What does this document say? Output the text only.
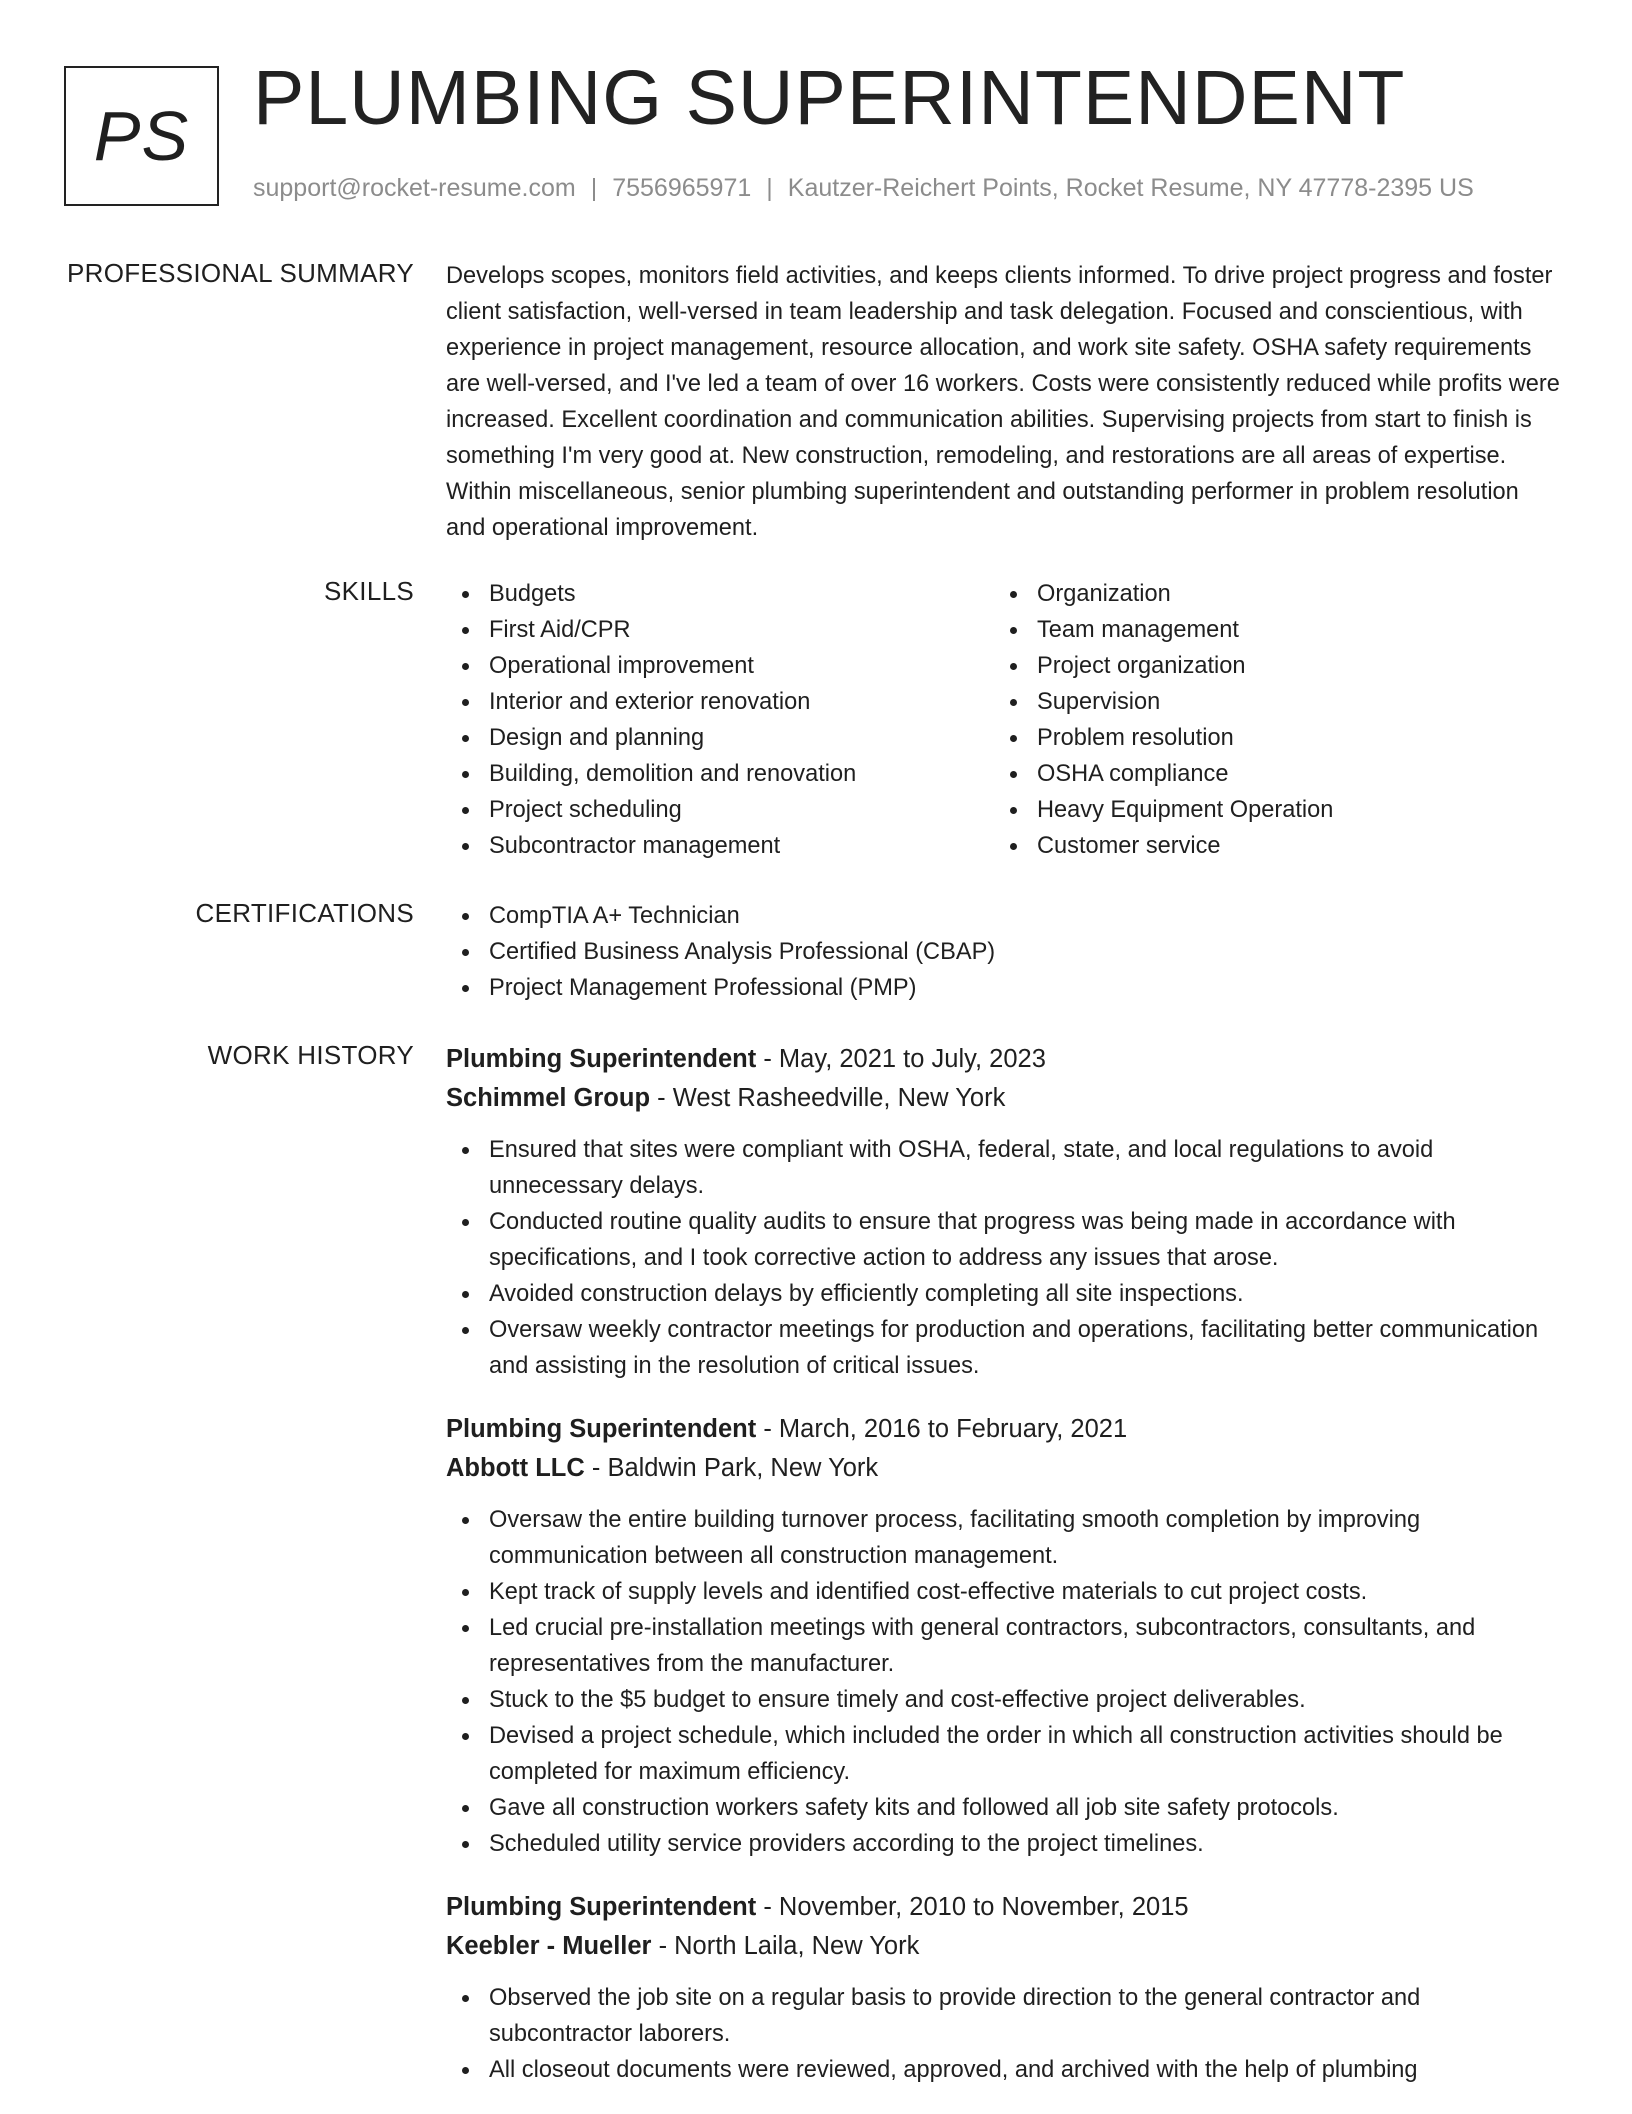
PS PLUMBING SUPERINTENDENT
support@rocket-resume.com | 7556965971 | Kautzer-Reichert Points, Rocket Resume, NY 47778-2395 US
PROFESSIONAL SUMMARY Develops scopes, monitors field activities, and keeps clients informed. To drive project progress and foster client satisfaction, well-versed in team leadership and task delegation. Focused and conscientious, with experience in project management, resource allocation, and work site safety. OSHA safety requirements are well-versed, and I've led a team of over 16 workers. Costs were consistently reduced while profits were increased. Excellent coordination and communication abilities. Supervising projects from start to finish is something I'm very good at. New construction, remodeling, and restorations are all areas of expertise. Within miscellaneous, senior plumbing superintendent and outstanding performer in problem resolution and operational improvement.
SKILLS	Budgets
First Aid/CPR
Operational improvement
Interior and exterior renovation
Design and planning
Building, demolition and renovation
Project scheduling
Subcontractor management
Organization
Team management
Project organization
Supervision
Problem resolution
OSHA compliance
Heavy Equipment Operation
Customer service
CERTIFICATIONS	CompTIA A+ Technician
Certified Business Analysis Professional (CBAP)
Project Management Professional (PMP)
WORK HISTORY Plumbing Superintendent - May, 2021 to July, 2023
Schimmel Group - West Rasheedville, New York
Ensured that sites were compliant with OSHA, federal, state, and local regulations to avoid unnecessary delays.
Conducted routine quality audits to ensure that progress was being made in accordance with specifications, and I took corrective action to address any issues that arose.
Avoided construction delays by efficiently completing all site inspections.
Oversaw weekly contractor meetings for production and operations, facilitating better communication and assisting in the resolution of critical issues.
Plumbing Superintendent - March, 2016 to February, 2021
Abbott LLC - Baldwin Park, New York
Oversaw the entire building turnover process, facilitating smooth completion by improving communication between all construction management.
Kept track of supply levels and identified cost-effective materials to cut project costs.
Led crucial pre-installation meetings with general contractors, subcontractors, consultants, and representatives from the manufacturer.
Stuck to the $5 budget to ensure timely and cost-effective project deliverables.
Devised a project schedule, which included the order in which all construction activities should be completed for maximum efficiency.
Gave all construction workers safety kits and followed all job site safety protocols.
Scheduled utility service providers according to the project timelines.
Plumbing Superintendent - November, 2010 to November, 2015
Keebler - Mueller - North Laila, New York
Observed the job site on a regular basis to provide direction to the general contractor and subcontractor laborers.
All closeout documents were reviewed, approved, and archived with the help of plumbing
